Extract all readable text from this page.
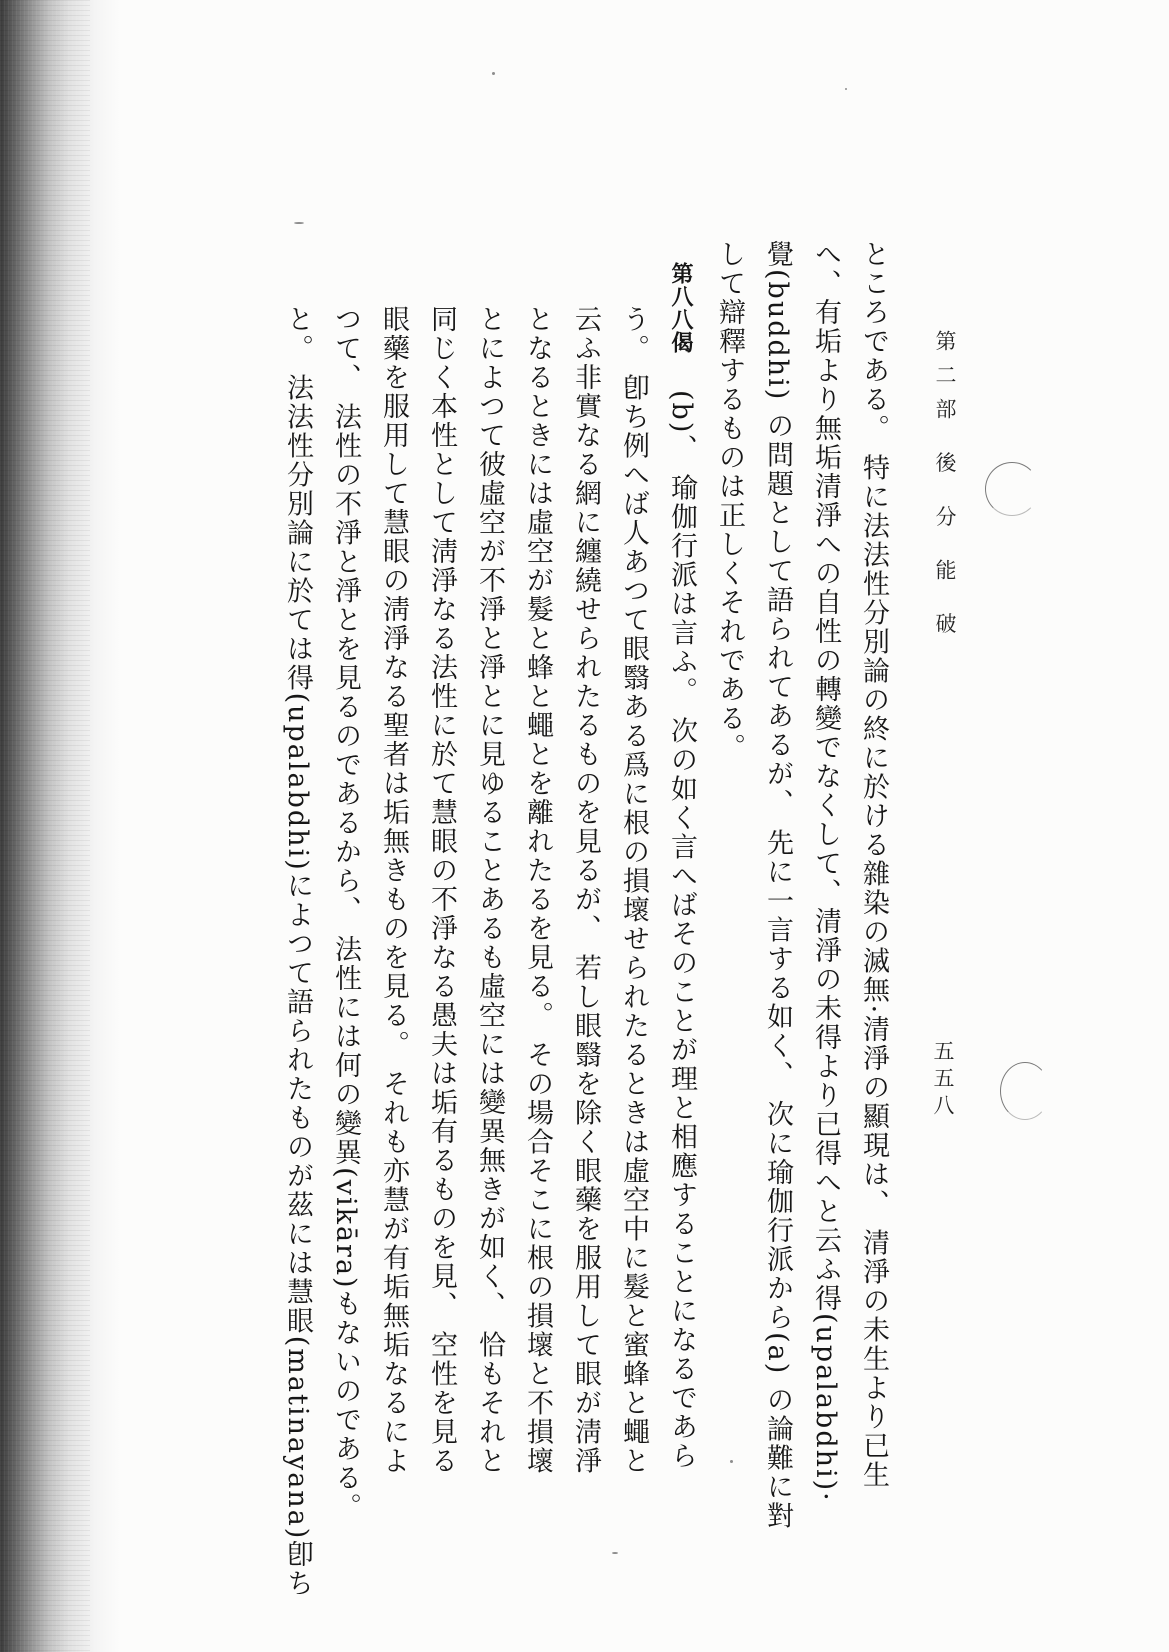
第二部 後 分 能 破
五五八
ところである。 特に法法性分別論の終に於ける雜染の滅無·清淨の顯現は、 清淨の未生より已生
へ、有垢より無垢清淨への自性の轉變でなくして、清淨の未得より已得へと云ふ得(upalabdhi)·
覺(buddhi) の問題として語られてあるが、 先に一言する如く、 次に瑜伽行派から(a) の論難に對
して辯釋するものは正しくそれである。
第八八偈
(b)、 瑜伽行派は言ふ。 次の如く言へばそのことが理と相應することになるであら
う。 卽ち例へば人あつて眼翳ある爲に根の損壞せられたるときは虛空中に髮と蜜蜂と蠅と
云ふ非實なる網に纏繞せられたるものを見るが、 若し眼翳を除く眼藥を服用して眼が淸淨
となるときには虛空が髮と蜂と蠅とを離れたるを見る。 その場合そこに根の損壞と不損壞
とによつて彼虛空が不淨と淨とに見ゆることあるも虛空には變異無きが如く、 恰もそれと
同じく本性として淸淨なる法性に於て慧眼の不淨なる愚夫は垢有るものを見、 空性を見る
眼藥を服用して慧眼の淸淨なる聖者は垢無きものを見る。 それも亦慧が有垢無垢なるによ
つて、 法性の不淨と淨とを見るのであるから、 法性には何の變異(vikāra)もないのである。
と。 法法性分別論に於ては得(upalabdhi)によつて語られたものが茲には慧眼(matinayana)卽ち
